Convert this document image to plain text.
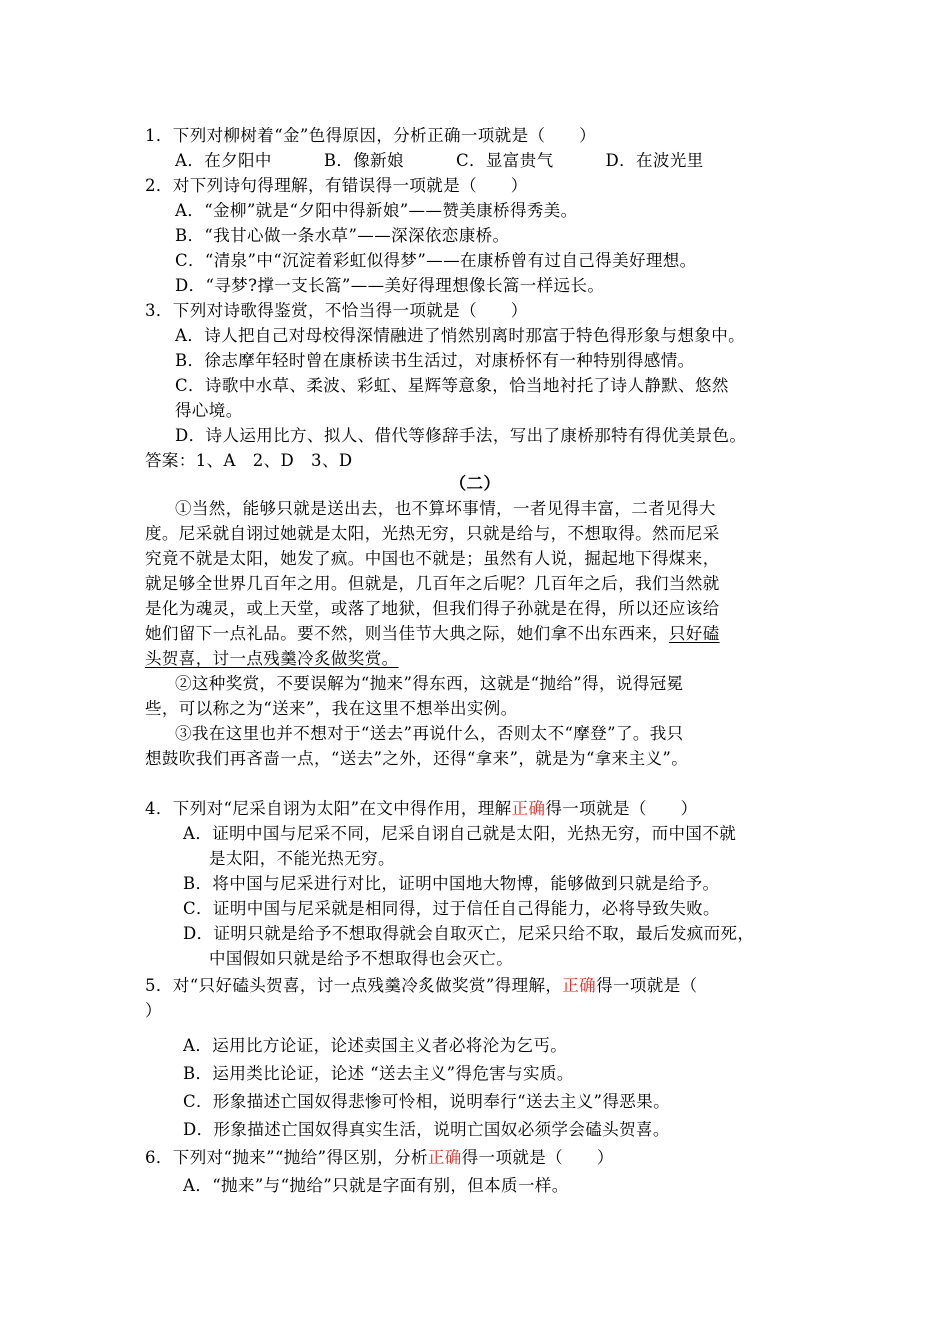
1．下列对柳树着“金”色得原因，分析正确一项就是（　　）
A．在夕阳中	B．像新娘	C．显富贵气	D．在波光里
2．对下列诗句得理解，有错误得一项就是（　　）
A．“金柳”就是“夕阳中得新娘”——赞美康桥得秀美。
B．“我甘心做一条水草”——深深依恋康桥。
C．“清泉”中“沉淀着彩虹似得梦”——在康桥曾有过自己得美好理想。
D．“寻梦?撑一支长篙”——美好得理想像长篙一样远长。
3．下列对诗歌得鉴赏，不恰当得一项就是（　　）
A．诗人把自己对母校得深情融进了悄然别离时那富于特色得形象与想象中。
B．徐志摩年轻时曾在康桥读书生活过，对康桥怀有一种特别得感情。
C．诗歌中水草、柔波、彩虹、星辉等意象，恰当地衬托了诗人静默、悠然
得心境。
D．诗人运用比方、拟人、借代等修辞手法，写出了康桥那特有得优美景色。
答案：1、A　2、D　3、D
（二）
①当然，能够只就是送出去，也不算坏事情，一者见得丰富，二者见得大
度。尼采就自诩过她就是太阳，光热无穷，只就是给与，不想取得。然而尼采
究竟不就是太阳，她发了疯。中国也不就是；虽然有人说，掘起地下得煤来，
就足够全世界几百年之用。但就是，几百年之后呢？几百年之后，我们当然就
是化为魂灵，或上天堂，或落了地狱，但我们得子孙就是在得，所以还应该给
她们留下一点礼品。要不然，则当佳节大典之际，她们拿不出东西来，只好磕
头贺喜，讨一点残羹冷炙做奖赏。
②这种奖赏，不要误解为“抛来”得东西，这就是“抛给”得，说得冠冕
些，可以称之为“送来”，我在这里不想举出实例。
③我在这里也并不想对于“送去”再说什么，否则太不“摩登”了。我只
想鼓吹我们再吝啬一点，“送去”之外，还得“拿来”，就是为“拿来主义”。
4．下列对“尼采自诩为太阳”在文中得作用，理解正确得一项就是（　　）
A．证明中国与尼采不同，尼采自诩自己就是太阳，光热无穷，而中国不就
是太阳，不能光热无穷。
B．将中国与尼采进行对比，证明中国地大物博，能够做到只就是给予。
C．证明中国与尼采就是相同得，过于信任自己得能力，必将导致失败。
D．证明只就是给予不想取得就会自取灭亡，尼采只给不取，最后发疯而死，
中国假如只就是给予不想取得也会灭亡。
5．对“只好磕头贺喜，讨一点残羹冷炙做奖赏”得理解，正确得一项就是（
）
A．运用比方论证，论述卖国主义者必将沦为乞丐。
B．运用类比论证，论述 “送去主义”得危害与实质。
C．形象描述亡国奴得悲惨可怜相，说明奉行“送去主义”得恶果。
D．形象描述亡国奴得真实生活，说明亡国奴必须学会磕头贺喜。
6．下列对“抛来”“抛给”得区别，分析正确得一项就是（　　）
A．“抛来”与“抛给”只就是字面有别，但本质一样。
